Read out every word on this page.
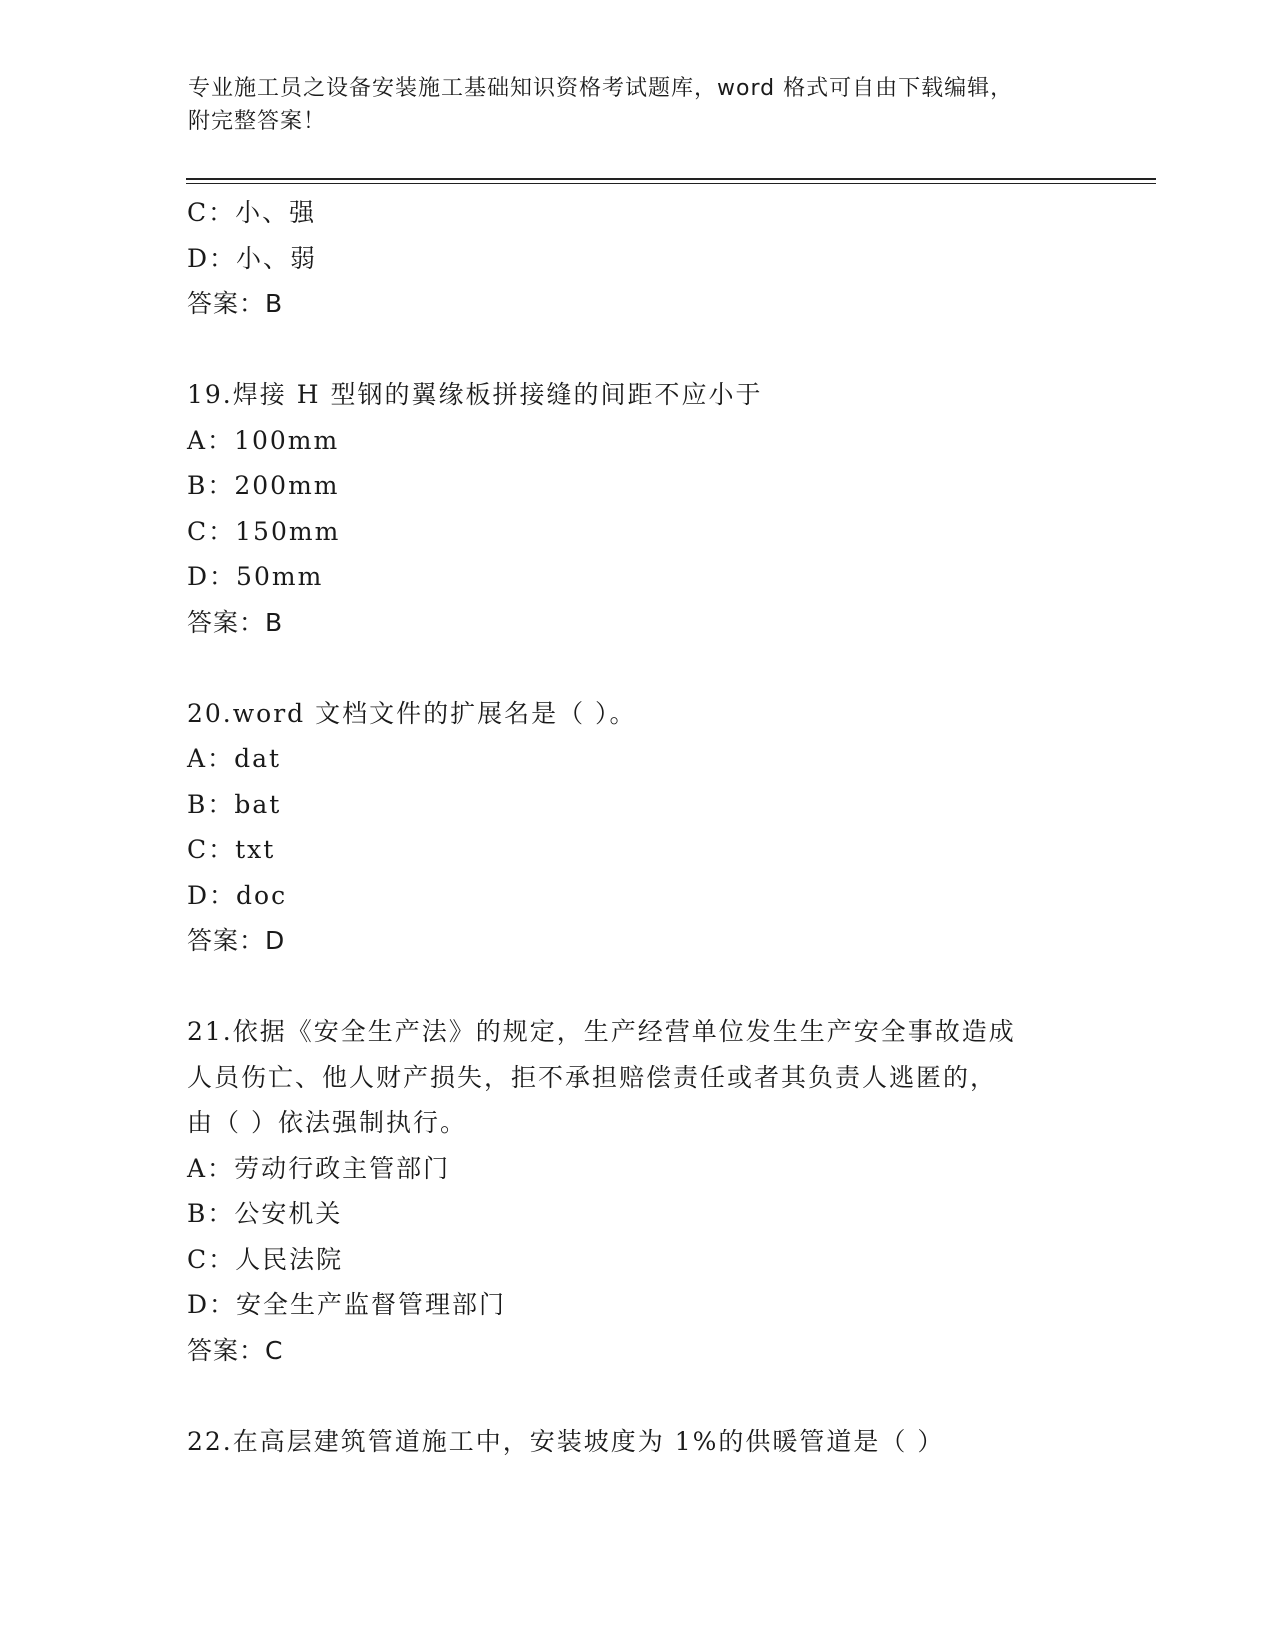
专业施工员之设备安装施工基础知识资格考试题库，word 格式可自由下载编辑，
附完整答案！
C：小、强
D：小、弱
答案：B
19.焊接 H 型钢的翼缘板拼接缝的间距不应小于
A：100mm
B：200mm
C：150mm
D：50mm
答案：B
20.word 文档文件的扩展名是（ ）。
A：dat
B：bat
C：txt
D：doc
答案：D
21.依据《安全生产法》的规定，生产经营单位发生生产安全事故造成
人员伤亡、他人财产损失，拒不承担赔偿责任或者其负责人逃匿的，
由（ ）依法强制执行。
A：劳动行政主管部门
B：公安机关
C：人民法院
D：安全生产监督管理部门
答案：C
22.在高层建筑管道施工中，安装坡度为 1%的供暖管道是（ ）
